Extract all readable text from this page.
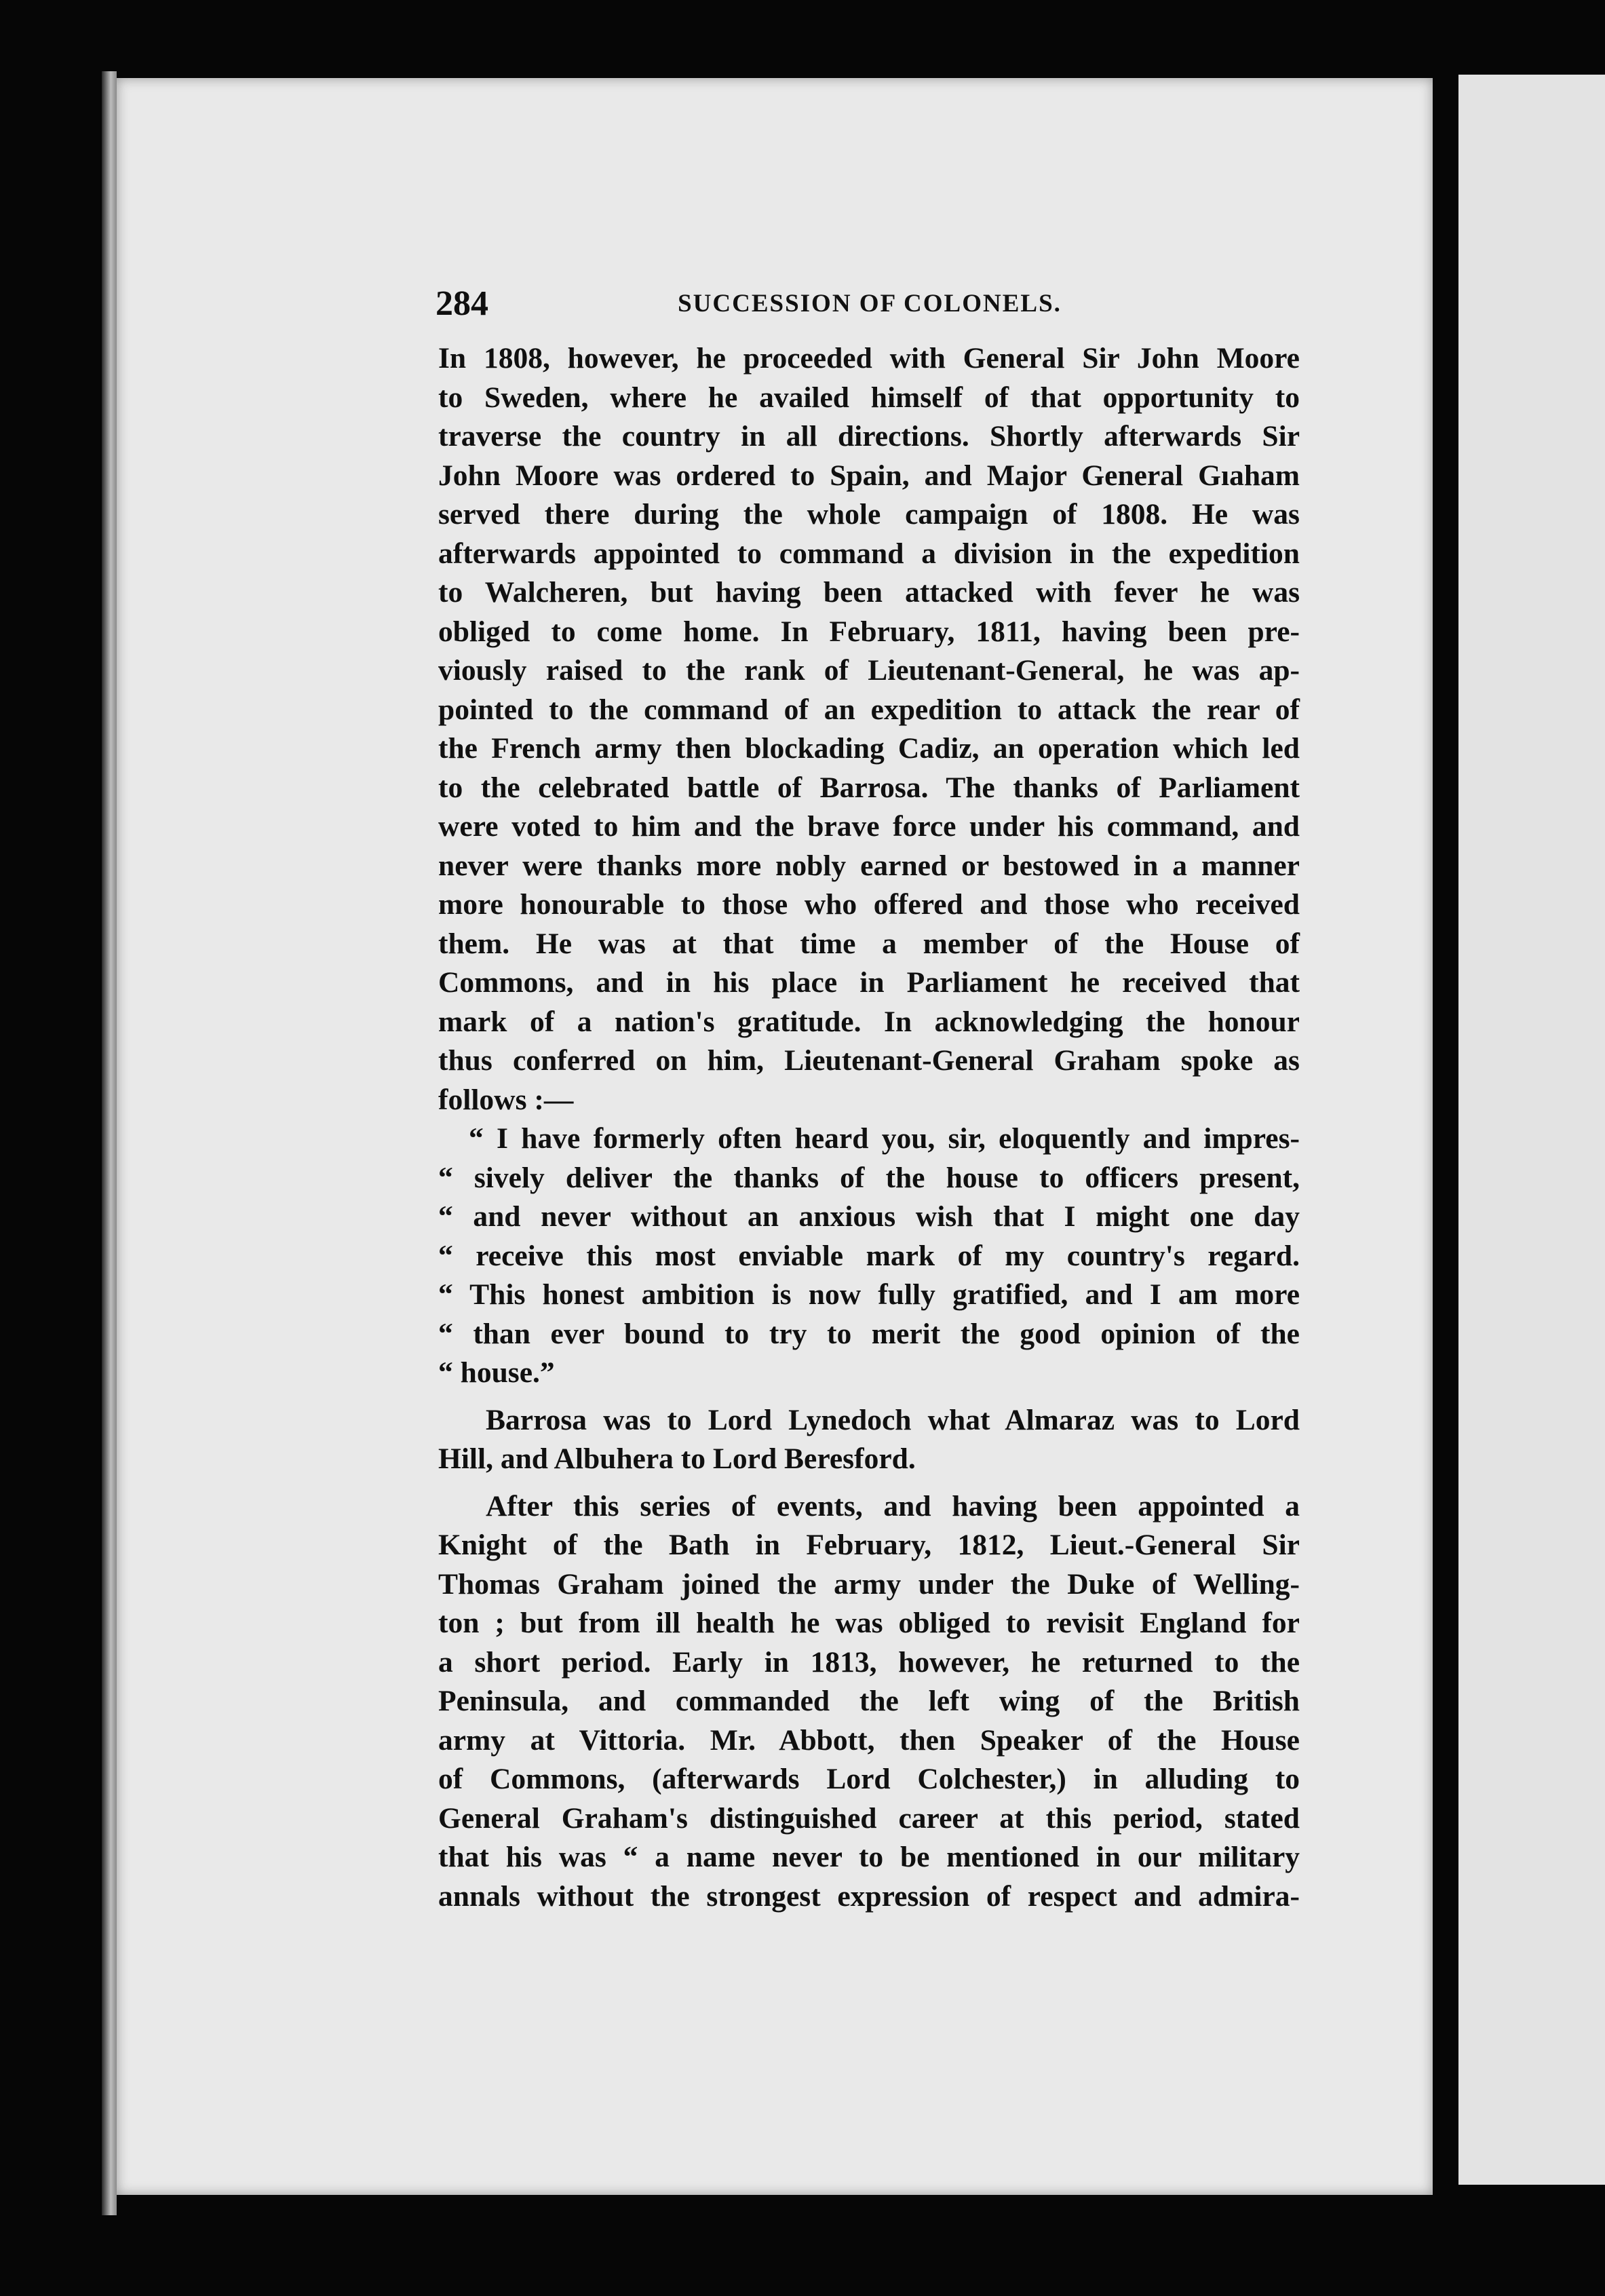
284	SUCCESSION OF COLONELS.
In 1808, however, he proceeded with General Sir John Moore
to Sweden, where he availed himself of that opportunity to
traverse the country in all directions. Shortly afterwards Sir
John Moore was ordered to Spain, and Major General Gıaham
served there during the whole campaign of 1808. He was
afterwards appointed to command a division in the expedition
to Walcheren, but having been attacked with fever he was
obliged to come home. In February, 1811, having been pre-
viously raised to the rank of Lieutenant-General, he was ap-
pointed to the command of an expedition to attack the rear of
the French army then blockading Cadiz, an operation which led
to the celebrated battle of Barrosa. The thanks of Parliament
were voted to him and the brave force under his command, and
never were thanks more nobly earned or bestowed in a manner
more honourable to those who offered and those who received
them. He was at that time a member of the House of
Commons, and in his place in Parliament he received that
mark of a nation's gratitude. In acknowledging the honour
thus conferred on him, Lieutenant-General Graham spoke as
follows :—
“ I have formerly often heard you, sir, eloquently and impres-
“ sively deliver the thanks of the house to officers present,
“ and never without an anxious wish that I might one day
“ receive this most enviable mark of my country's regard.
“ This honest ambition is now fully gratified, and I am more
“ than ever bound to try to merit the good opinion of the
“ house.”
Barrosa was to Lord Lynedoch what Almaraz was to Lord
Hill, and Albuhera to Lord Beresford.
After this series of events, and having been appointed a
Knight of the Bath in February, 1812, Lieut.-General Sir
Thomas Graham joined the army under the Duke of Welling-
ton ; but from ill health he was obliged to revisit England for
a short period. Early in 1813, however, he returned to the
Peninsula, and commanded the left wing of the British
army at Vittoria. Mr. Abbott, then Speaker of the House
of Commons, (afterwards Lord Colchester,) in alluding to
General Graham's distinguished career at this period, stated
that his was “ a name never to be mentioned in our military
annals without the strongest expression of respect and admira-
